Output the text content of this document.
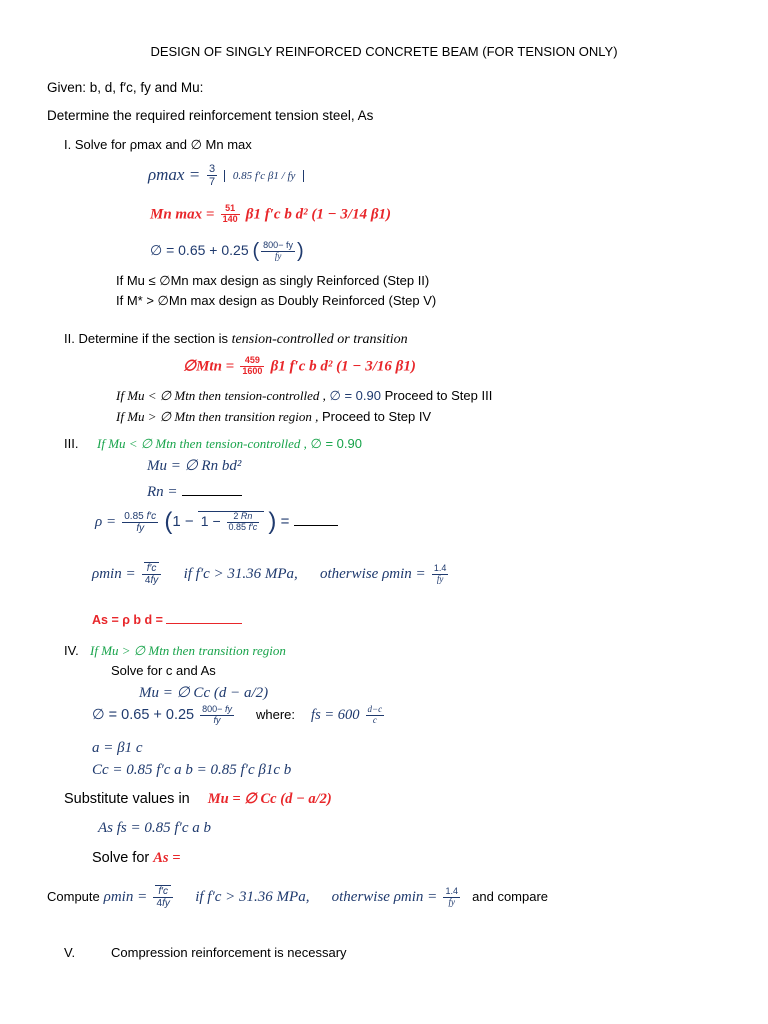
DESIGN OF SINGLY REINFORCED CONCRETE BEAM (FOR TENSION ONLY)
Given: b, d, f′c, fy and Mu:
Determine the required reinforcement tension steel, As
I. Solve for ρmax and ∅ Mn max
$\rho\max = \frac{3}{7}$
0.85 f′c β1 / fy
Mn $\max = \frac{51}{140} \beta 1$ f′c b d² (1 − 3/14 β1)
∅ = 0.65 + 0.25 ( $\frac{800- fy}{fy}$ )
If Mu ≤ ∅Mn max design as singly Reinforced (Step II)
If M* > ∅Mn max design as Doubly Reinforced (Step V)
II. Determine if the section is tension-controlled or transition
∅Mtn = $\frac{459}{1600} \beta 1$ f′c b d² (1 − 3/16 β1)
If Mu < ∅ Mtn then tension-controlled , ∅ = 0.90 Proceed to Step III
If Mu > ∅ Mtn then transition region , Proceed to Step IV
III. If Mu < ∅ Mtn then tension-controlled , ∅ = 0.90
Mu = ∅ Rn bd²
Rn =
$\rho = \frac{0.85 f'c}{fy} (1 - 1 - \frac{2 Rn}{0.85 f'c}$ ) =
$\rho\min = \frac{f'c}{4fy}$ if f′c > 31.36 MPa, otherwise $\rho\min = \frac{1.4}{fy}$
As = ρ b d =
IV. If Mu > ∅ Mtn then transition region
Solve for c and As
Mu = ∅ Cc (d − a/2)
∅ = $0.65 + 0.25 \frac{800- fy}{fy}$ where: fs = $600 \frac{d-c}{c}$
a = β1 c
Cc = 0.85 f′c a b = 0.85 f′c β1c b
Substitute values in Mu = ∅ Cc (d − a/2)
As fs = 0.85 f′c a b
Solve for As =
Compute $\rho\min = \frac{f'c}{4fy}$ if f′c > 31.36 MPa, otherwise $\rho\min = \frac{1.4}{fy}$ and compare
V.	Compression reinforcement is necessary
